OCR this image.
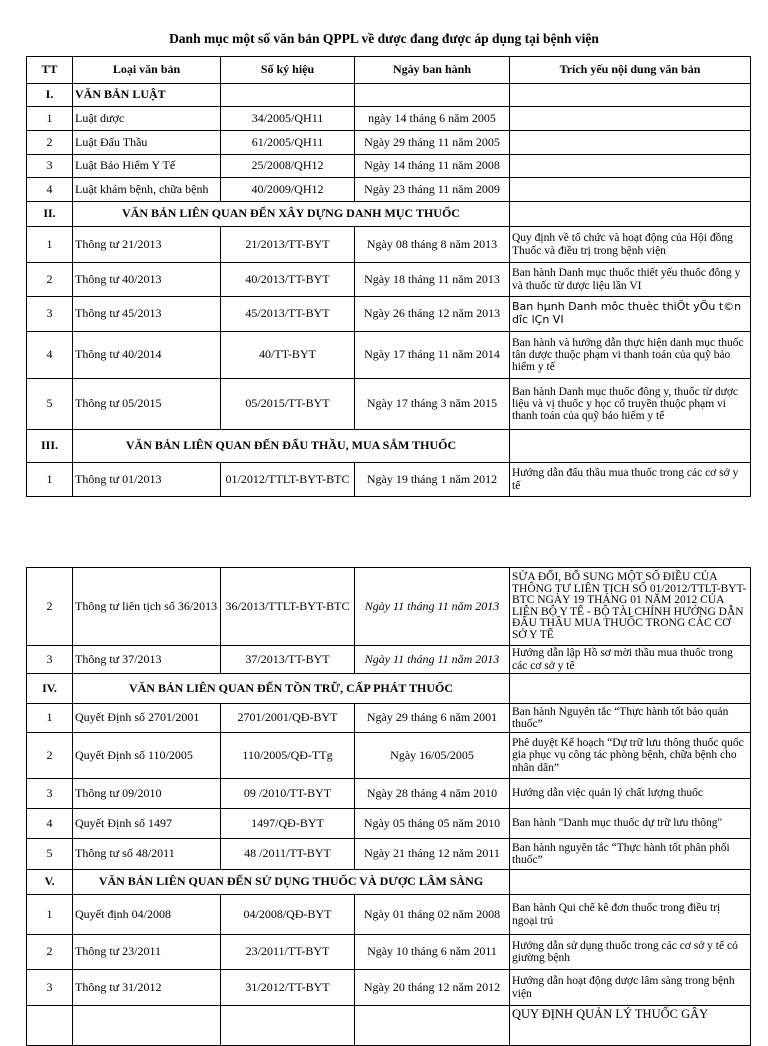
Danh mục một số văn bản QPPL về dược đang được áp dụng tại bệnh viện
TT	Loại văn bản	Số ký hiệu	Ngày ban hành	Trích yếu nội dung văn bản
I.	VĂN BẢN LUẬT			
1	Luật dược	34/2005/QH11	ngày 14 tháng 6 năm 2005	
2	Luật Đấu Thầu	61/2005/QH11	Ngày 29 tháng 11 năm 2005	
3	Luật Bảo Hiểm Y Tế	25/2008/QH12	Ngày 14 tháng 11 năm 2008	
4	Luật khám bệnh, chữa bệnh	40/2009/QH12	Ngày 23 tháng 11 năm 2009	
II.	VĂN BẢN LIÊN QUAN ĐẾN XÂY DỰNG DANH MỤC THUỐC			
1	Thông tư 21/2013	21/2013/TT-BYT	Ngày 08 tháng 8 năm 2013	Quy định về tổ chức và hoạt động của Hội đồng Thuốc và điều trị trong bệnh viện
2	Thông tư 40/2013	40/2013/TT-BYT	Ngày 18 tháng 11 năm 2013	Ban hành Danh mục thuốc thiết yếu thuốc đông y và thuốc từ dược liệu lần VI
3	Thông tư 45/2013	45/2013/TT-BYT	Ngày 26 tháng 12 năm 2013	Ban hµnh Danh môc thuèc thiÕt yÕu t©n dîc lÇn VI
4	Thông tư 40/2014	40/TT-BYT	Ngày 17 tháng 11 năm 2014	Ban hành và hướng dẫn thực hiện danh mục thuốc tân dược thuộc phạm vi thanh toán của quỹ bảo hiểm y tế
5	Thông tư 05/2015	05/2015/TT-BYT	Ngày 17 tháng 3 năm 2015	Ban hành Danh mục thuốc đông y, thuốc từ dược liệu và vị thuốc y học cổ truyền thuộc phạm vi thanh toán của quỹ bảo hiểm y tế
III.	VĂN BẢN LIÊN QUAN ĐẾN ĐẤU THẦU, MUA SẮM THUỐC			
1	Thông tư 01/2013	01/2012/TTLT-BYT-BTC	Ngày 19 tháng 1 năm 2012	Hướng dẫn đấu thầu mua thuốc trong các cơ sở y tế
2	Thông tư liên tịch số 36/2013	36/2013/TTLT-BYT-BTC	Ngày 11 tháng 11 năm 2013	SỬA ĐỔI, BỔ SUNG MỘT SỐ ĐIỀU CỦA THÔNG TƯ LIÊN TỊCH SỐ 01/2012/TTLT-BYT-BTC NGÀY 19 THÁNG 01 NĂM 2012 CỦA LIÊN BỘ Y TẾ - BỘ TÀI CHÍNH HƯỚNG DẪN ĐẤU THẦU MUA THUỐC TRONG CÁC CƠ SỞ Y TẾ
3	Thông tư 37/2013	37/2013/TT-BYT	Ngày 11 tháng 11 năm 2013	Hướng dẫn lập Hồ sơ mời thầu mua thuốc trong các cơ sở y tế
IV.	VĂN BẢN LIÊN QUAN ĐẾN TỒN TRỮ, CẤP PHÁT THUỐC			
1	Quyết Định số 2701/2001	2701/2001/QĐ-BYT	Ngày 29 tháng 6 năm 2001	Ban hành Nguyên tắc “Thực hành tốt bảo quản thuốc”
2	Quyết Định số 110/2005	110/2005/QĐ-TTg	Ngày 16/05/2005	Phê duyệt Kế hoạch “Dự trữ lưu thông thuốc quốc gia phục vụ công tác phòng bệnh, chữa bệnh cho nhân dân”
3	Thông tư 09/2010	09 /2010/TT-BYT	Ngày 28 tháng 4 năm 2010	Hướng dẫn việc quản lý chất lượng thuốc
4	Quyết Định số 1497	1497/QĐ-BYT	Ngày 05 tháng 05 năm 2010	Ban hành "Danh mục thuốc dự trữ lưu thông"
5	Thông tư số 48/2011	48 /2011/TT-BYT	Ngày 21 tháng 12 năm 2011	Ban hành nguyên tắc “Thực hành tốt phân phối thuốc”
V.	VĂN BẢN LIÊN QUAN ĐẾN SỬ DỤNG THUỐC VÀ DƯỢC LÂM SÀNG			
1	Quyết định 04/2008	04/2008/QĐ-BYT	Ngày 01 tháng 02 năm 2008	Ban hành Qui chế kê đơn thuốc trong điều trị ngoại trú
2	Thông tư 23/2011	23/2011/TT-BYT	Ngày 10 tháng 6 năm 2011	Hướng dẫn sử dụng thuốc trong các cơ sở y tế có giường bệnh
3	Thông tư 31/2012	31/2012/TT-BYT	Ngày 20 tháng 12 năm 2012	Hướng dẫn hoạt động dược lâm sàng trong bệnh viện
				QUY ĐỊNH QUẢN LÝ THUỐC GÂY
